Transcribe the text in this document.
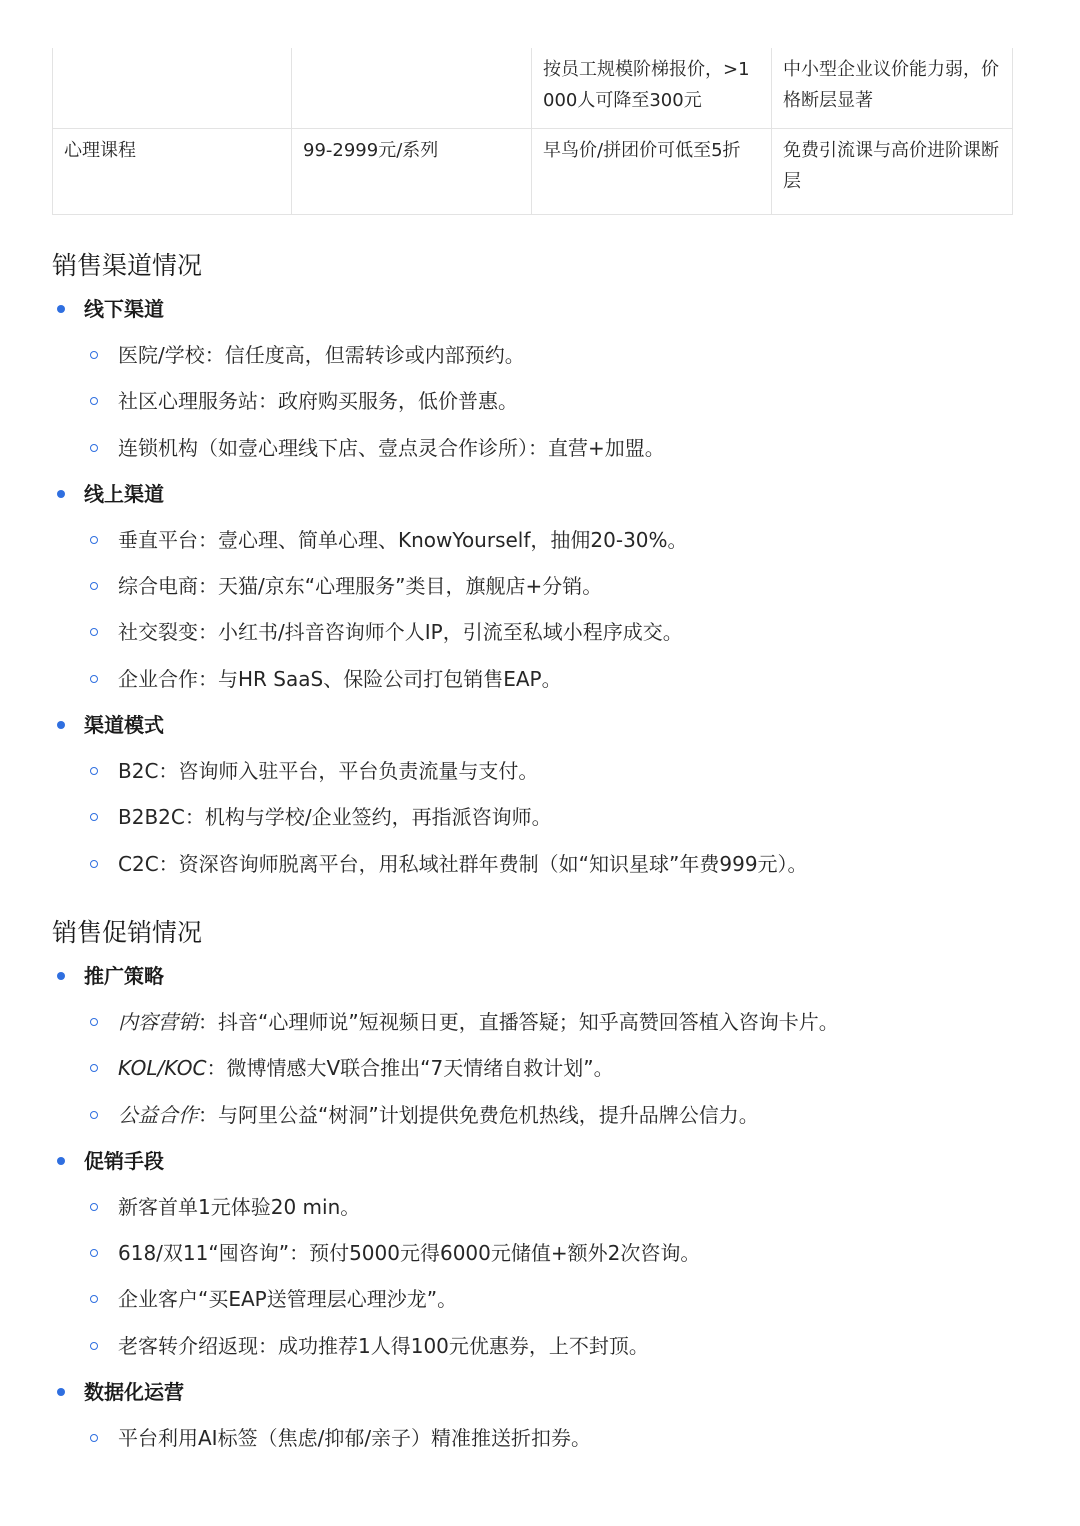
		按员工规模阶梯报价，>1000人可降至300元	中小型企业议价能力弱，价格断层显著
心理课程	99-2999元/系列	早鸟价/拼团价可低至5折	免费引流课与高价进阶课断层
销售渠道情况
线下渠道
医院/学校：信任度高，但需转诊或内部预约。
社区心理服务站：政府购买服务，低价普惠。
连锁机构（如壹心理线下店、壹点灵合作诊所）：直营+加盟。
线上渠道
垂直平台：壹心理、简单心理、KnowYourself，抽佣20-30%。
综合电商：天猫/京东“心理服务”类目，旗舰店+分销。
社交裂变：小红书/抖音咨询师个人IP，引流至私域小程序成交。
企业合作：与HR SaaS、保险公司打包销售EAP。
渠道模式
B2C：咨询师入驻平台，平台负责流量与支付。
B2B2C：机构与学校/企业签约，再指派咨询师。
C2C：资深咨询师脱离平台，用私域社群年费制（如“知识星球”年费999元）。
销售促销情况
推广策略
内容营销：抖音“心理师说”短视频日更，直播答疑；知乎高赞回答植入咨询卡片。
KOL/KOC：微博情感大V联合推出“7天情绪自救计划”。
公益合作：与阿里公益“树洞”计划提供免费危机热线，提升品牌公信力。
促销手段
新客首单1元体验20 min。
618/双11“囤咨询”：预付5000元得6000元储值+额外2次咨询。
企业客户“买EAP送管理层心理沙龙”。
老客转介绍返现：成功推荐1人得100元优惠券，上不封顶。
数据化运营
平台利用AI标签（焦虑/抑郁/亲子）精准推送折扣券。
